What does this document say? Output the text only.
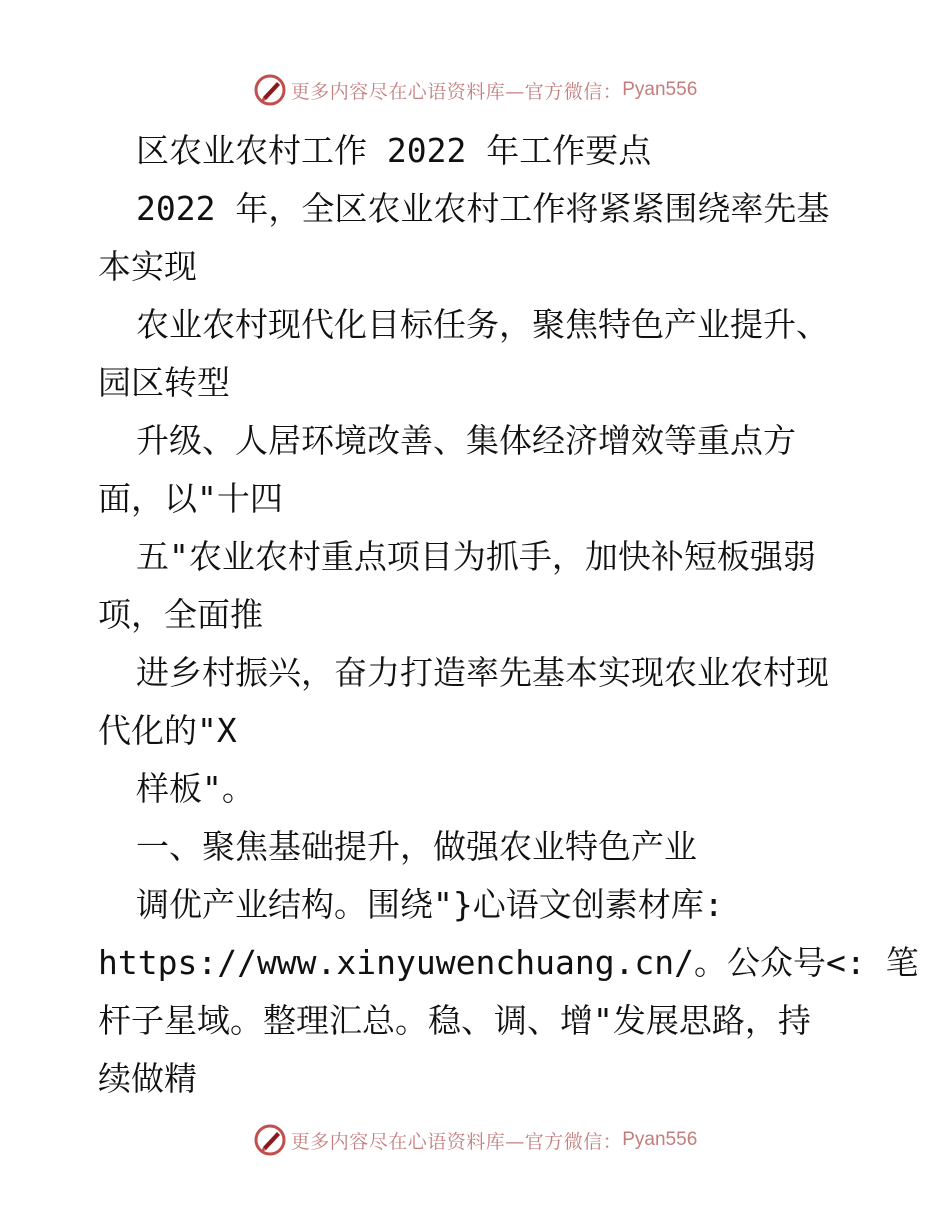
更多内容尽在心语资料库—官方微信： Pyan556
区农业农村工作 2022 年工作要点
2022 年，全区农业农村工作将紧紧围绕率先基
本实现
农业农村现代化目标任务，聚焦特色产业提升、
园区转型
升级、人居环境改善、集体经济增效等重点方
面，以"十四
五"农业农村重点项目为抓手，加快补短板强弱
项，全面推
进乡村振兴，奋力打造率先基本实现农业农村现
代化的"X
样板"。
一、聚焦基础提升，做强农业特色产业
调优产业结构。围绕"}心语文创素材库:
https://www.xinyuwenchuang.cn/。公众号<: 笔
杆子星域。整理汇总。稳、调、增"发展思路，持
续做精
更多内容尽在心语资料库—官方微信： Pyan556
